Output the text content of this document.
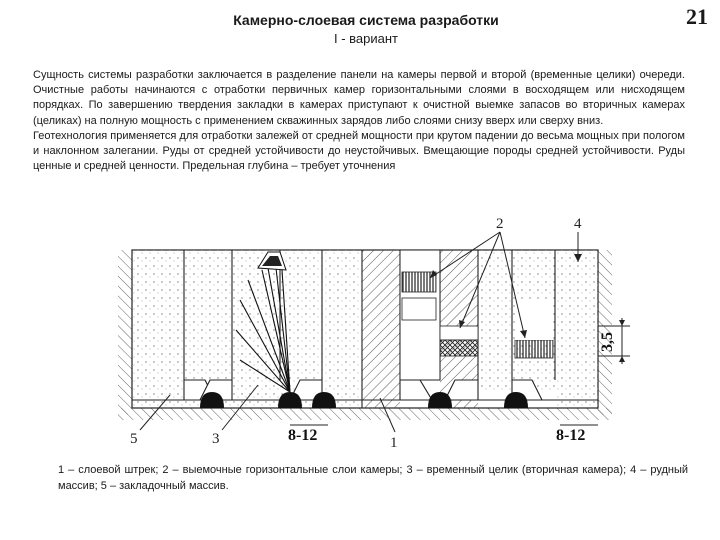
Камерно-слоевая система разработки
I - вариант
21

Сущность системы разработки заключается в разделение панели на камеры первой и второй (временные целики) очереди. Очистные работы начинаются с отработки первичных камер горизонтальными слоями в восходящем или нисходящем порядках. По завершению твердения закладки в камерах приступают к очистной выемке запасов во вторичных камерах (целиках) на полную мощность с применением скважинных зарядов либо слоями снизу вверх или сверху вниз.

Геотехнология применяется для отработки залежей от средней мощности при крутом падении до весьма мощных при пологом и наклонном залегании. Руды от средней устойчивости до неустойчивых. Вмещающие породы средней устойчивости. Руды ценные и средней ценности. Предельная глубина – требует уточнения

2	4
5	3	8-12	1	8-12
3,5
1 – слоевой штрек; 2 – выемочные горизонтальные слои камеры; 3 – временный целик (вторичная камера); 4 – рудный массив; 5 – закладочный массив.
